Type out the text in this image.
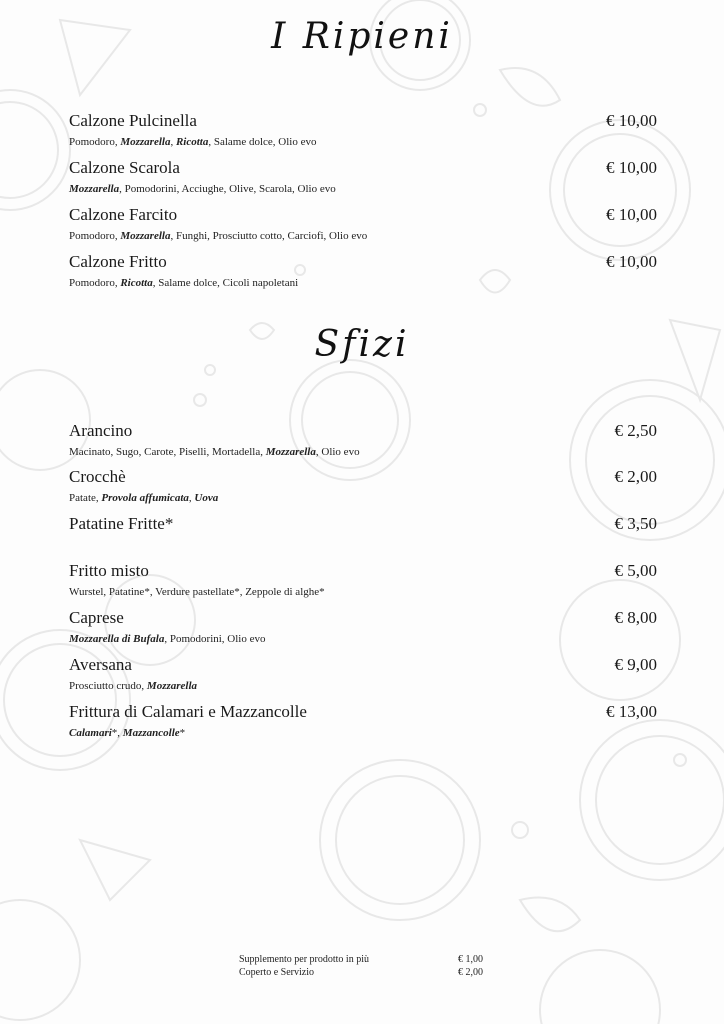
I Ripieni
Calzone Pulcinella	€ 10,00
Pomodoro, Mozzarella, Ricotta, Salame dolce, Olio evo
Calzone Scarola	€ 10,00
Mozzarella, Pomodorini, Acciughe, Olive, Scarola, Olio evo
Calzone Farcito	€ 10,00
Pomodoro, Mozzarella, Funghi, Prosciutto cotto, Carciofi, Olio evo
Calzone Fritto	€ 10,00
Pomodoro, Ricotta, Salame dolce, Cicoli napoletani
Sfizi
Arancino	€ 2,50
Macinato, Sugo, Carote, Piselli, Mortadella, Mozzarella, Olio evo
Crocchè	€ 2,00
Patate, Provola affumicata, Uova
Patatine Fritte*	€ 3,50
Fritto misto	€ 5,00
Wurstel, Patatine*, Verdure pastellate*, Zeppole di alghe*
Caprese	€ 8,00
Mozzarella di Bufala, Pomodorini, Olio evo
Aversana	€ 9,00
Prosciutto crudo, Mozzarella
Frittura di Calamari e Mazzancolle	€ 13,00
Calamari*, Mazzancolle*
Supplemento per prodotto in più	€ 1,00
Coperto e Servizio	€ 2,00
